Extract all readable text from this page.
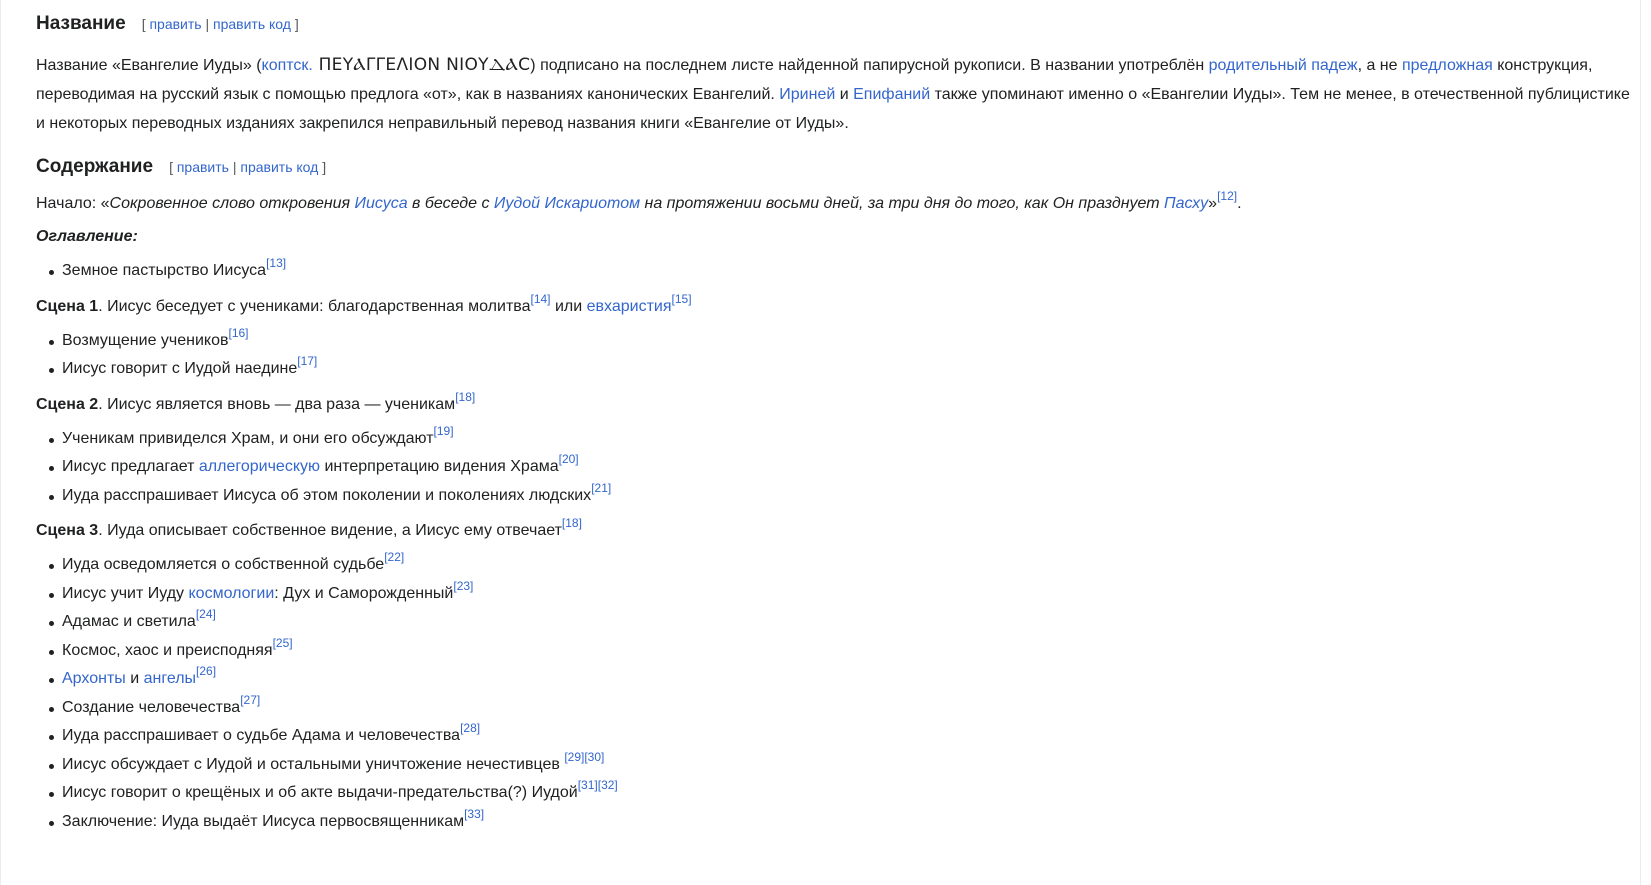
Название [ править | править код ]

Название «Евангелие Иуды» (коптск. ΠΕΥⲀΓΓΕΛΙΟΝ ΝΙΟΥⲆⲀC) подписано на последнем листе найденной папирусной рукописи. В названии употреблён родительный падеж, а не предложная конструкция, переводимая на русский язык с помощью предлога «от», как в названиях канонических Евангелий. Ириней и Епифаний также упоминают именно о «Евангелии Иуды». Тем не менее, в отечественной публицистике и некоторых переводных изданиях закрепился неправильный перевод названия книги «Евангелие от Иуды».

Содержание [ править | править код ]

Начало: «Сокровенное слово откровения Иисуса в беседе с Иудой Искариотом на протяжении восьми дней, за три дня до того, как Он празднует Пасху»[12].

Оглавление:

Земное пастырство Иисуса[13]

Сцена 1. Иисус беседует с учениками: благодарственная молитва[14] или евхаристия[15]

Возмущение учеников[16]
Иисус говорит с Иудой наедине[17]

Сцена 2. Иисус является вновь — два раза — ученикам[18]

Ученикам привиделся Храм, и они его обсуждают[19]
Иисус предлагает аллегорическую интерпретацию видения Храма[20]
Иуда расспрашивает Иисуса об этом поколении и поколениях людских[21]

Сцена 3. Иуда описывает собственное видение, а Иисус ему отвечает[18]

Иуда осведомляется о собственной судьбе[22]
Иисус учит Иуду космологии: Дух и Саморожденный[23]
Адамас и светила[24]
Космос, хаос и преисподняя[25]
Архонты и ангелы[26]
Создание человечества[27]
Иуда расспрашивает о судьбе Адама и человечества[28]
Иисус обсуждает с Иудой и остальными уничтожение нечестивцев [29][30]
Иисус говорит о крещёных и об акте выдачи-предательства(?) Иудой[31][32]
Заключение: Иуда выдаёт Иисуса первосвященникам[33]
